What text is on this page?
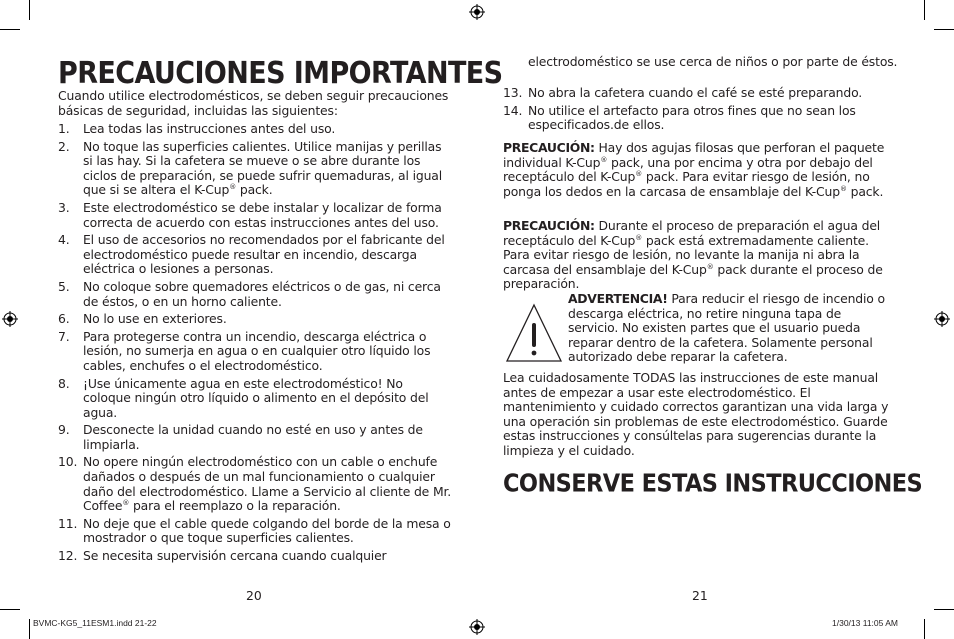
PRECAUCIONES IMPORTANTES
Cuando utilice electrodomésticos, se deben seguir precauciones básicas de seguridad, incluidas las siguientes:
1. Lea todas las instrucciones antes del uso.
2. No toque las superficies calientes. Utilice manijas y perillas si las hay. Si la cafetera se mueve o se abre durante los ciclos de preparación, se puede sufrir quemaduras, al igual que si se altera el K-Cup® pack.
3. Este electrodoméstico se debe instalar y localizar de forma correcta de acuerdo con estas instrucciones antes del uso.
4. El uso de accesorios no recomendados por el fabricante del electrodoméstico puede resultar en incendio, descarga eléctrica o lesiones a personas.
5. No coloque sobre quemadores eléctricos o de gas, ni cerca de éstos, o en un horno caliente.
6. No lo use en exteriores.
7. Para protegerse contra un incendio, descarga eléctrica o lesión, no sumerja en agua o en cualquier otro líquido los cables, enchufes o el electrodoméstico.
8. ¡Use únicamente agua en este electrodoméstico! No coloque ningún otro líquido o alimento en el depósito del agua.
9. Desconecte la unidad cuando no esté en uso y antes de limpiarla.
10. No opere ningún electrodoméstico con un cable o enchufe dañados o después de un mal funcionamiento o cualquier daño del electrodoméstico. Llame a Servicio al cliente de Mr. Coffee® para el reemplazo o la reparación.
11. No deje que el cable quede colgando del borde de la mesa o mostrador o que toque superficies calientes.
12. Se necesita supervisión cercana cuando cualquier
20
electrodoméstico se use cerca de niños o por parte de éstos.
13. No abra la cafetera cuando el café se esté preparando.
14. No utilice el artefacto para otros fines que no sean los especificados.de ellos.

PRECAUCIÓN: Hay dos agujas filosas que perforan el paquete individual K-Cup® pack, una por encima y otra por debajo del receptáculo del K-Cup® pack. Para evitar riesgo de lesión, no ponga los dedos en la carcasa de ensamblaje del K-Cup® pack.

PRECAUCIÓN: Durante el proceso de preparación el agua del receptáculo del K-Cup® pack está extremadamente caliente. Para evitar riesgo de lesión, no levante la manija ni abra la carcasa del ensamblaje del K-Cup® pack durante el proceso de preparación.

ADVERTENCIA! Para reducir el riesgo de incendio o descarga eléctrica, no retire ninguna tapa de servicio. No existen partes que el usuario pueda reparar dentro de la cafetera. Solamente personal autorizado debe reparar la cafetera.

Lea cuidadosamente TODAS las instrucciones de este manual antes de empezar a usar este electrodoméstico. El mantenimiento y cuidado correctos garantizan una vida larga y una operación sin problemas de este electrodoméstico. Guarde estas instrucciones y consúltelas para sugerencias durante la limpieza y el cuidado.

CONSERVE ESTAS INSTRUCCIONES
21
BVMC-KG5_11ESM1.indd 21-22	1/30/13 11:05 AM
